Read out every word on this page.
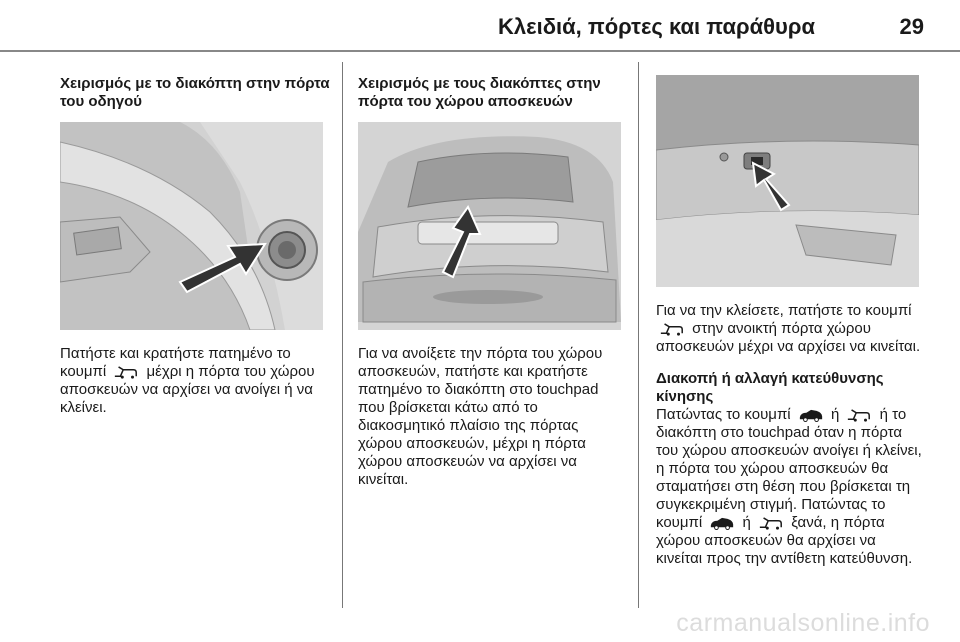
Κλειδιά, πόρτες και παράθυρα	29
Χειρισμός με το διακόπτη στην πόρτα του οδηγού
Πατήστε και κρατήστε πατημένο το κουμπί	μέχρι η πόρτα του χώρου αποσκευών να αρχίσει να ανοίγει ή να κλείνει.
Χειρισμός με τους διακόπτες στην πόρτα του χώρου αποσκευών
Για να ανοίξετε την πόρτα του χώρου αποσκευών, πατήστε και κρατήστε πατημένο το διακόπτη στο touchpad που βρίσκεται κάτω από το διακοσμητικό πλαίσιο της πόρτας χώρου αποσκευών, μέχρι η πόρτα χώρου αποσκευών να αρχίσει να κινείται.
Για να την κλείσετε, πατήστε το κουμπί  στην ανοικτή πόρτα χώρου αποσκευών μέχρι να αρχίσει να κινείται.
Διακοπή ή αλλαγή κατεύθυνσης κίνησης
Πατώντας το κουμπί	ή	ή το διακόπτη στο touchpad όταν η πόρτα του χώρου αποσκευών ανοίγει ή κλείνει, η πόρτα του χώρου αποσκευών θα σταματήσει στη θέση που βρίσκεται τη συγκεκριμένη στιγμή. Πατώντας το κουμπί	ή	ξανά, η πόρτα χώρου αποσκευών θα αρχίσει να κινείται προς την αντίθετη κατεύθυνση.
carmanualsonline.info
